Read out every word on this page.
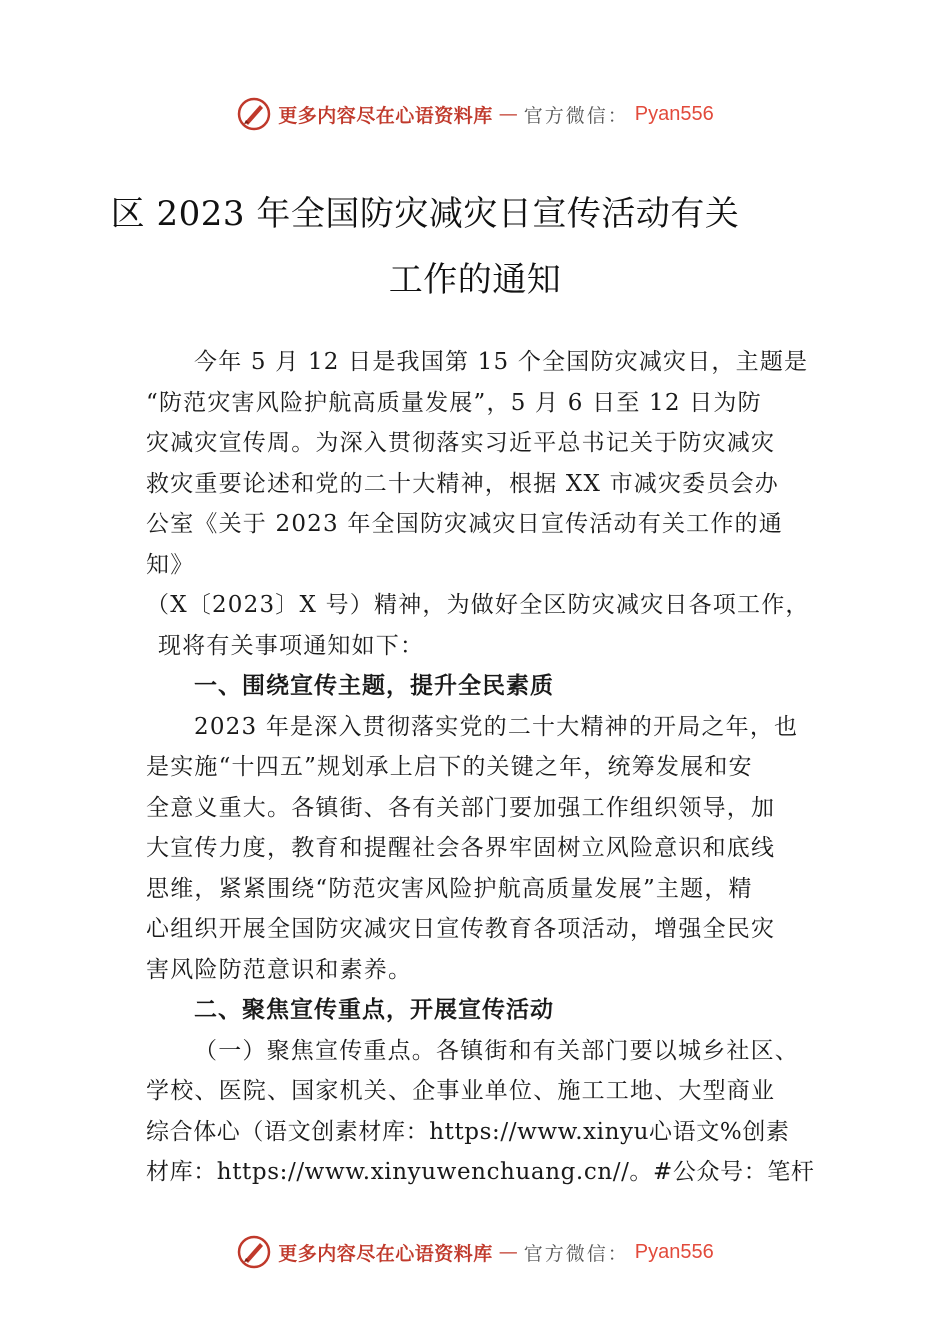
更多内容尽在心语资料库 — 官方微信： Pyan556
区 2023 年全国防灾减灾日宣传活动有关
工作的通知
今年 5 月 12 日是我国第 15 个全国防灾减灾日，主题是
“防范灾害风险护航高质量发展”，5 月 6 日至 12 日为防
灾减灾宣传周。为深入贯彻落实习近平总书记关于防灾减灾
救灾重要论述和党的二十大精神，根据 XX 市减灾委员会办
公室《关于 2023 年全国防灾减灾日宣传活动有关工作的通
知》
（X〔2023〕X 号）精神，为做好全区防灾减灾日各项工作，
现将有关事项通知如下：
一、围绕宣传主题，提升全民素质
2023 年是深入贯彻落实党的二十大精神的开局之年，也
是实施“十四五”规划承上启下的关键之年，统筹发展和安
全意义重大。各镇街、各有关部门要加强工作组织领导，加
大宣传力度，教育和提醒社会各界牢固树立风险意识和底线
思维，紧紧围绕“防范灾害风险护航高质量发展”主题，精
心组织开展全国防灾减灾日宣传教育各项活动，增强全民灾
害风险防范意识和素养。
二、聚焦宣传重点，开展宣传活动
（一）聚焦宣传重点。各镇街和有关部门要以城乡社区、
学校、医院、国家机关、企事业单位、施工工地、大型商业
综合体心（语文创素材库：https://www.xinyu心语文%创素
材库：https://www.xinyuwenchuang.cn//。#公众号：笔杆
更多内容尽在心语资料库 — 官方微信： Pyan556
